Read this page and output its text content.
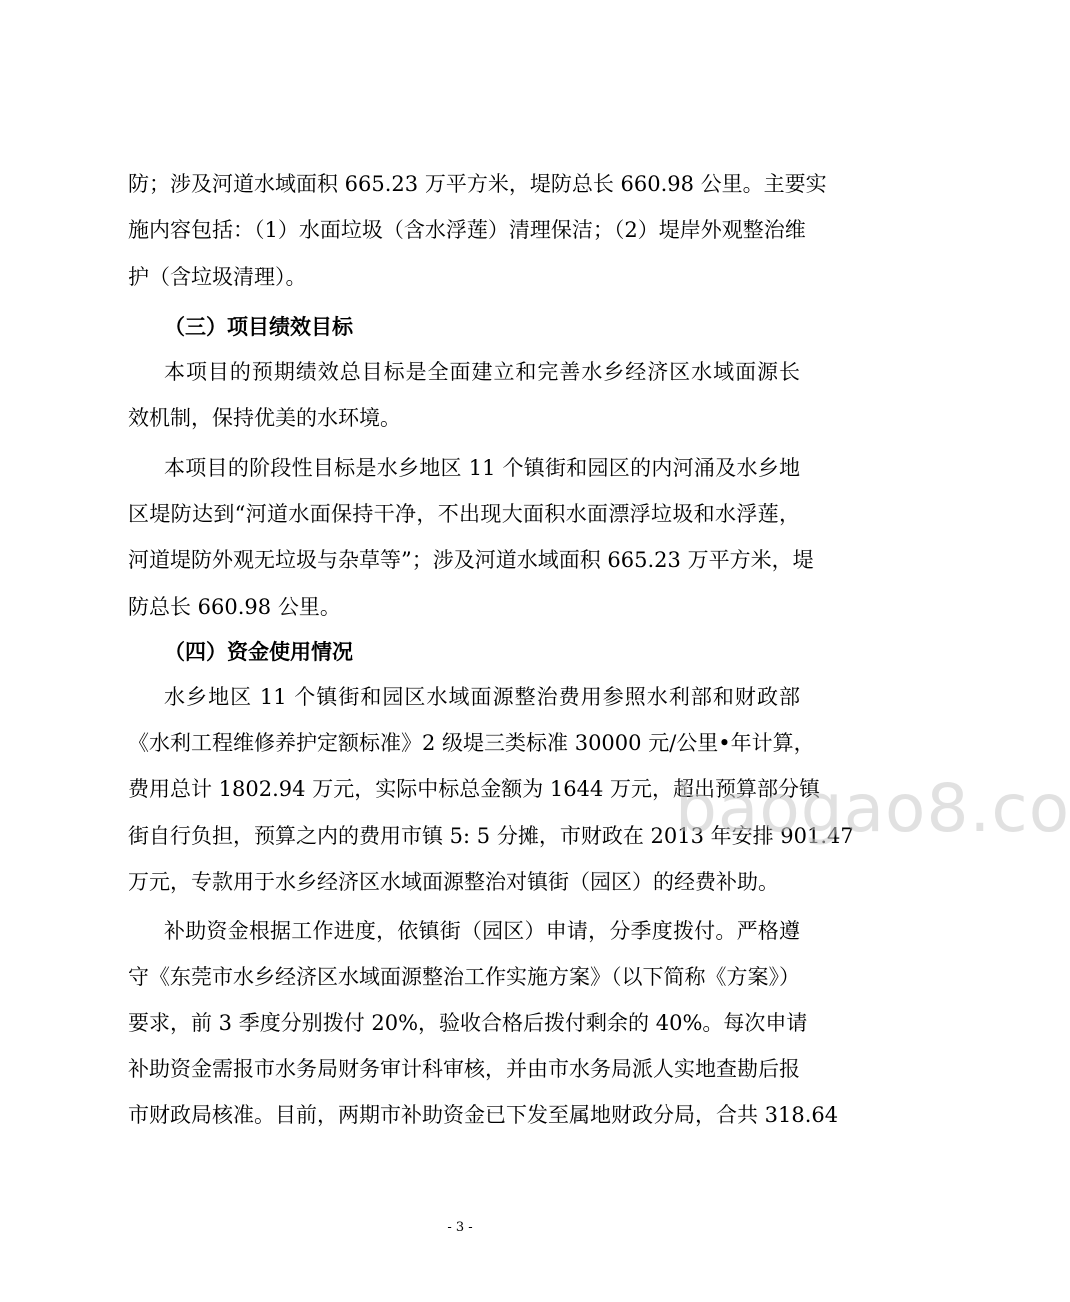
防；涉及河道水域面积 665.23 万平方米，堤防总长 660.98 公里。主要实
施内容包括：（1）水面垃圾（含水浮莲）清理保洁；（2）堤岸外观整治维
护（含垃圾清理）。
（三）项目绩效目标
本项目的预期绩效总目标是全面建立和完善水乡经济区水域面源长
效机制，保持优美的水环境。
本项目的阶段性目标是水乡地区 11 个镇街和园区的内河涌及水乡地
区堤防达到“河道水面保持干净，不出现大面积水面漂浮垃圾和水浮莲，
河道堤防外观无垃圾与杂草等”；涉及河道水域面积 665.23 万平方米，堤
防总长 660.98 公里。
（四）资金使用情况
水乡地区 11 个镇街和园区水域面源整治费用参照水利部和财政部
《水利工程维修养护定额标准》2 级堤三类标准 30000 元/公里•年计算，
费用总计 1802.94 万元，实际中标总金额为 1644 万元，超出预算部分镇
街自行负担，预算之内的费用市镇 5: 5 分摊，市财政在 2013 年安排 901.47
万元，专款用于水乡经济区水域面源整治对镇街（园区）的经费补助。
补助资金根据工作进度，依镇街（园区）申请，分季度拨付。严格遵
守《东莞市水乡经济区水域面源整治工作实施方案》（以下简称《方案》）
要求，前 3 季度分别拨付 20%，验收合格后拨付剩余的 40%。每次申请
补助资金需报市水务局财务审计科审核，并由市水务局派人实地查勘后报
市财政局核准。目前，两期市补助资金已下发至属地财政分局，合共 318.64
baogao8.co
- 3 -
